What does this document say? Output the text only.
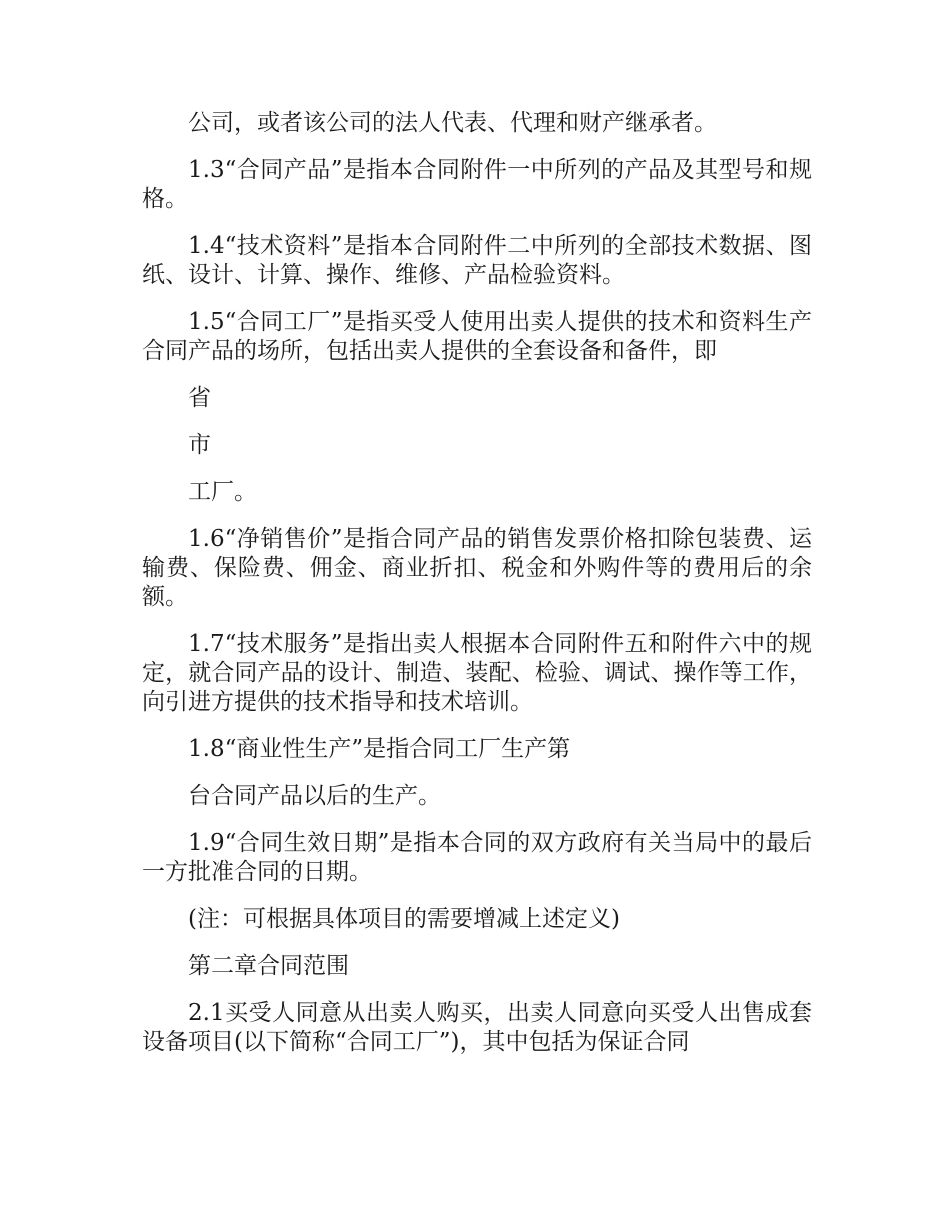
公司，或者该公司的法人代表、代理和财产继承者。

1.3“合同产品”是指本合同附件一中所列的产品及其型号和规格。

1.4“技术资料”是指本合同附件二中所列的全部技术数据、图纸、设计、计算、操作、维修、产品检验资料。

1.5“合同工厂”是指买受人使用出卖人提供的技术和资料生产合同产品的场所，包括出卖人提供的全套设备和备件，即

省

市

工厂。

1.6“净销售价”是指合同产品的销售发票价格扣除包装费、运输费、保险费、佣金、商业折扣、税金和外购件等的费用后的余额。

1.7“技术服务”是指出卖人根据本合同附件五和附件六中的规定，就合同产品的设计、制造、装配、检验、调试、操作等工作，向引进方提供的技术指导和技术培训。

1.8“商业性生产”是指合同工厂生产第

台合同产品以后的生产。

1.9“合同生效日期”是指本合同的双方政府有关当局中的最后一方批准合同的日期。

(注：可根据具体项目的需要增减上述定义)

第二章合同范围

2.1买受人同意从出卖人购买，出卖人同意向买受人出售成套设备项目(以下简称“合同工厂”)，其中包括为保证合同
